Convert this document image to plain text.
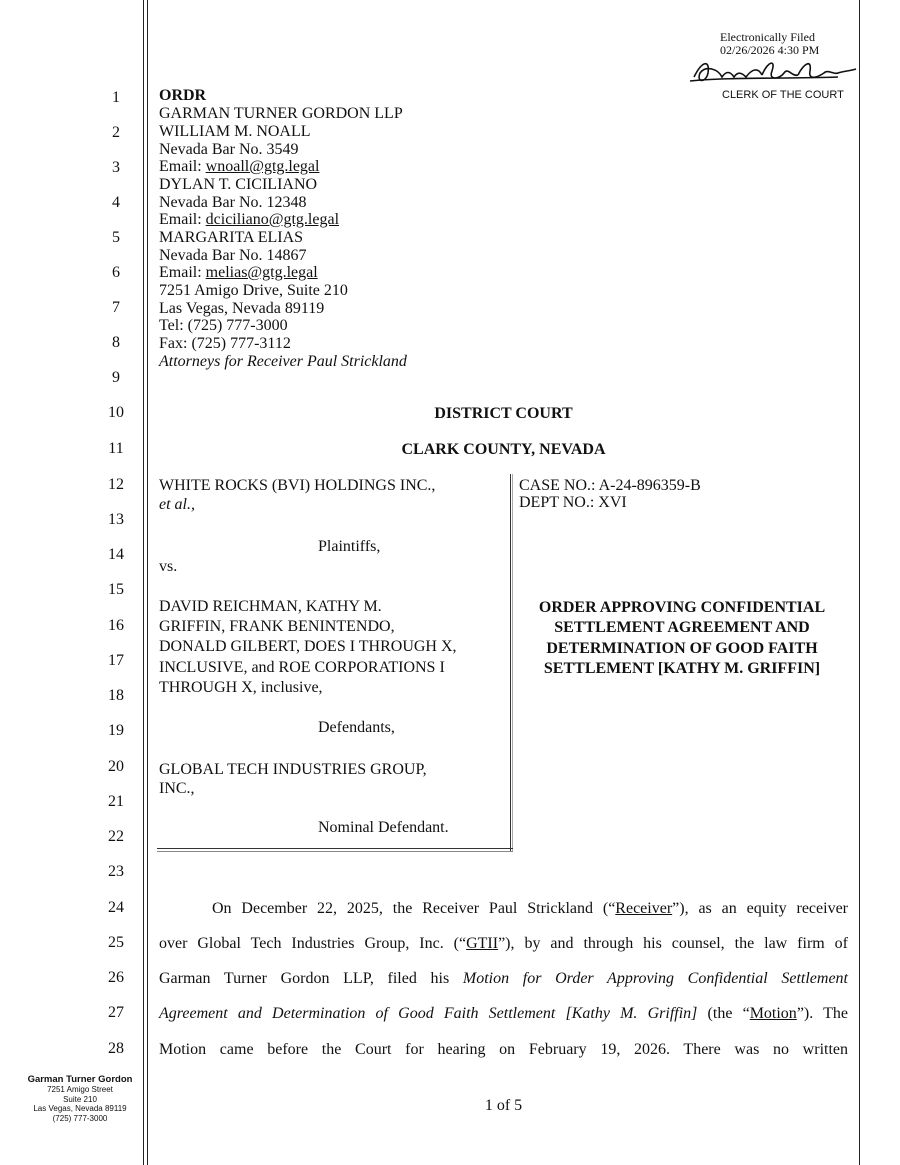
Electronically Filed
02/26/2026 4:30 PM
CLERK OF THE COURT
1
2
3
4
5
6
7
8
9
10
11
12
13
14
15
16
17
18
19
20
21
22
23
24
25
26
27
28
ORDR
GARMAN TURNER GORDON LLP
WILLIAM M. NOALL
Nevada Bar No. 3549
Email: wnoall@gtg.legal
DYLAN T. CICILIANO
Nevada Bar No. 12348
Email: dciciliano@gtg.legal
MARGARITA ELIAS
Nevada Bar No. 14867
Email: melias@gtg.legal
7251 Amigo Drive, Suite 210
Las Vegas, Nevada 89119
Tel: (725) 777-3000
Fax: (725) 777-3112
Attorneys for Receiver Paul Strickland
DISTRICT COURT
CLARK COUNTY, NEVADA
WHITE ROCKS (BVI) HOLDINGS INC.,
et al.,
Plaintiffs,
vs.
DAVID REICHMAN, KATHY M.
GRIFFIN, FRANK BENINTENDO,
DONALD GILBERT, DOES I THROUGH X,
INCLUSIVE, and ROE CORPORATIONS I
THROUGH X, inclusive,
Defendants,
GLOBAL TECH INDUSTRIES GROUP,
INC.,
Nominal Defendant.
CASE NO.: A-24-896359-B
DEPT NO.: XVI
ORDER APPROVING CONFIDENTIAL
SETTLEMENT AGREEMENT AND
DETERMINATION OF GOOD FAITH
SETTLEMENT [KATHY M. GRIFFIN]
On December 22, 2025, the Receiver Paul Strickland (“Receiver”), as an equity receiver
over Global Tech Industries Group, Inc. (“GTII”), by and through his counsel, the law firm of
Garman Turner Gordon LLP, filed his Motion for Order Approving Confidential Settlement
Agreement and Determination of Good Faith Settlement [Kathy M. Griffin] (the “Motion”). The
Motion came before the Court for hearing on February 19, 2026. There was no written
Garman Turner Gordon
7251 Amigo Street
Suite 210
Las Vegas, Nevada 89119
(725) 777-3000
1 of 5
